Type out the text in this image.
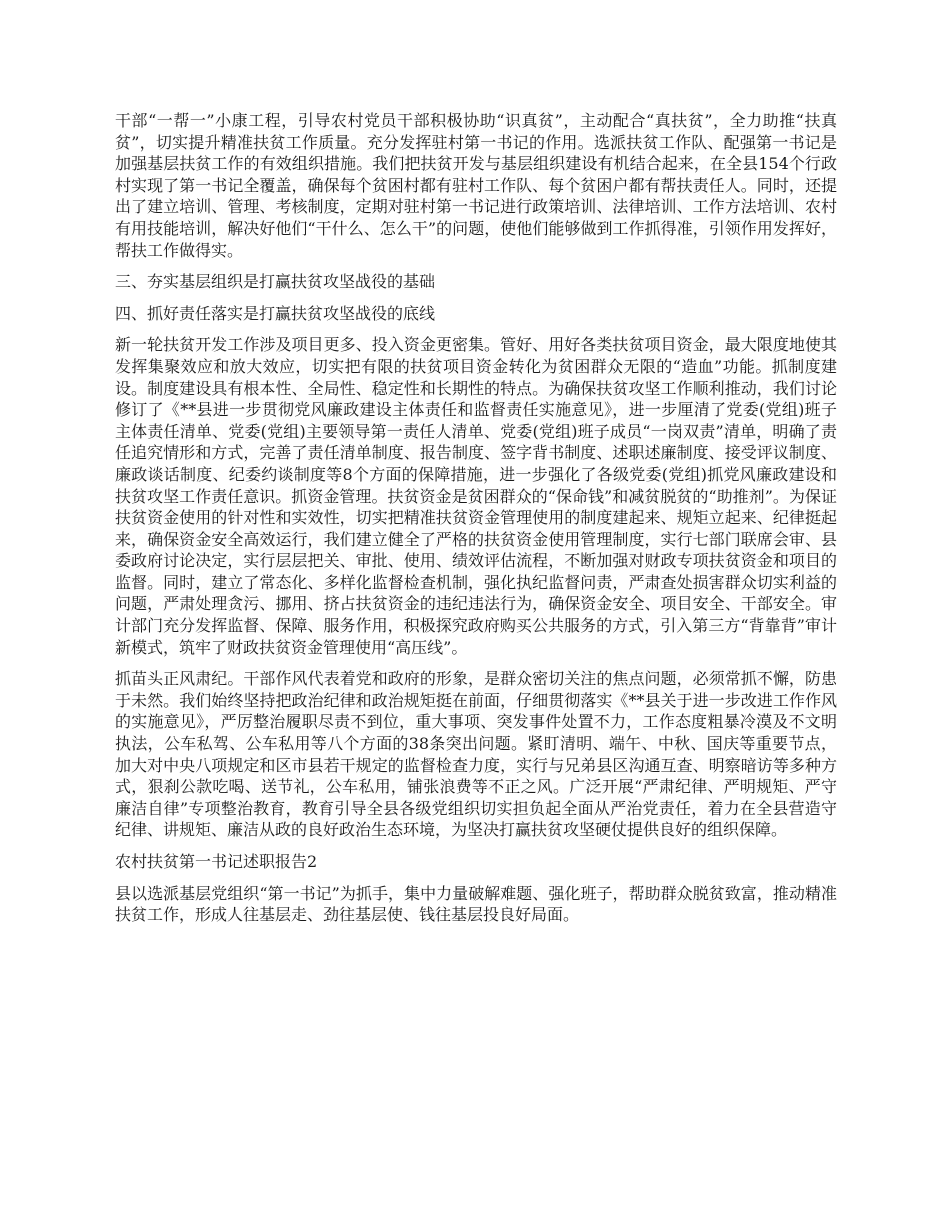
干部“一帮一”小康工程，引导农村党员干部积极协助“识真贫”，主动配合“真扶贫”，全力助推“扶真贫”，切实提升精准扶贫工作质量。充分发挥驻村第一书记的作用。选派扶贫工作队、配强第一书记是加强基层扶贫工作的有效组织措施。我们把扶贫开发与基层组织建设有机结合起来，在全县154个行政村实现了第一书记全覆盖，确保每个贫困村都有驻村工作队、每个贫困户都有帮扶责任人。同时，还提出了建立培训、管理、考核制度，定期对驻村第一书记进行政策培训、法律培训、工作方法培训、农村有用技能培训，解决好他们“干什么、怎么干”的问题，使他们能够做到工作抓得准，引领作用发挥好，帮扶工作做得实。

三、夯实基层组织是打赢扶贫攻坚战役的基础

四、抓好责任落实是打赢扶贫攻坚战役的底线

新一轮扶贫开发工作涉及项目更多、投入资金更密集。管好、用好各类扶贫项目资金，最大限度地使其发挥集聚效应和放大效应，切实把有限的扶贫项目资金转化为贫困群众无限的“造血”功能。抓制度建设。制度建设具有根本性、全局性、稳定性和长期性的特点。为确保扶贫攻坚工作顺利推动，我们讨论修订了《**县进一步贯彻党风廉政建设主体责任和监督责任实施意见》，进一步厘清了党委(党组)班子主体责任清单、党委(党组)主要领导第一责任人清单、党委(党组)班子成员“一岗双责”清单，明确了责任追究情形和方式，完善了责任清单制度、报告制度、签字背书制度、述职述廉制度、接受评议制度、廉政谈话制度、纪委约谈制度等8个方面的保障措施，进一步强化了各级党委(党组)抓党风廉政建设和扶贫攻坚工作责任意识。抓资金管理。扶贫资金是贫困群众的“保命钱”和减贫脱贫的“助推剂”。为保证扶贫资金使用的针对性和实效性，切实把精准扶贫资金管理使用的制度建起来、规矩立起来、纪律挺起来，确保资金安全高效运行，我们建立健全了严格的扶贫资金使用管理制度，实行七部门联席会审、县委政府讨论决定，实行层层把关、审批、使用、绩效评估流程，不断加强对财政专项扶贫资金和项目的监督。同时，建立了常态化、多样化监督检查机制，强化执纪监督问责，严肃查处损害群众切实利益的问题，严肃处理贪污、挪用、挤占扶贫资金的违纪违法行为，确保资金安全、项目安全、干部安全。审计部门充分发挥监督、保障、服务作用，积极探究政府购买公共服务的方式，引入第三方“背靠背”审计新模式，筑牢了财政扶贫资金管理使用“高压线”。

抓苗头正风肃纪。干部作风代表着党和政府的形象，是群众密切关注的焦点问题，必须常抓不懈，防患于未然。我们始终坚持把政治纪律和政治规矩挺在前面，仔细贯彻落实《**县关于进一步改进工作作风的实施意见》，严厉整治履职尽责不到位，重大事项、突发事件处置不力，工作态度粗暴冷漠及不文明执法，公车私驾、公车私用等八个方面的38条突出问题。紧盯清明、端午、中秋、国庆等重要节点，加大对中央八项规定和区市县若干规定的监督检查力度，实行与兄弟县区沟通互查、明察暗访等多种方式，狠刹公款吃喝、送节礼，公车私用，铺张浪费等不正之风。广泛开展“严肃纪律、严明规矩、严守廉洁自律”专项整治教育，教育引导全县各级党组织切实担负起全面从严治党责任，着力在全县营造守纪律、讲规矩、廉洁从政的良好政治生态环境，为坚决打赢扶贫攻坚硬仗提供良好的组织保障。

农村扶贫第一书记述职报告2

县以选派基层党组织“第一书记”为抓手，集中力量破解难题、强化班子，帮助群众脱贫致富，推动精准扶贫工作，形成人往基层走、劲往基层使、钱往基层投良好局面。
